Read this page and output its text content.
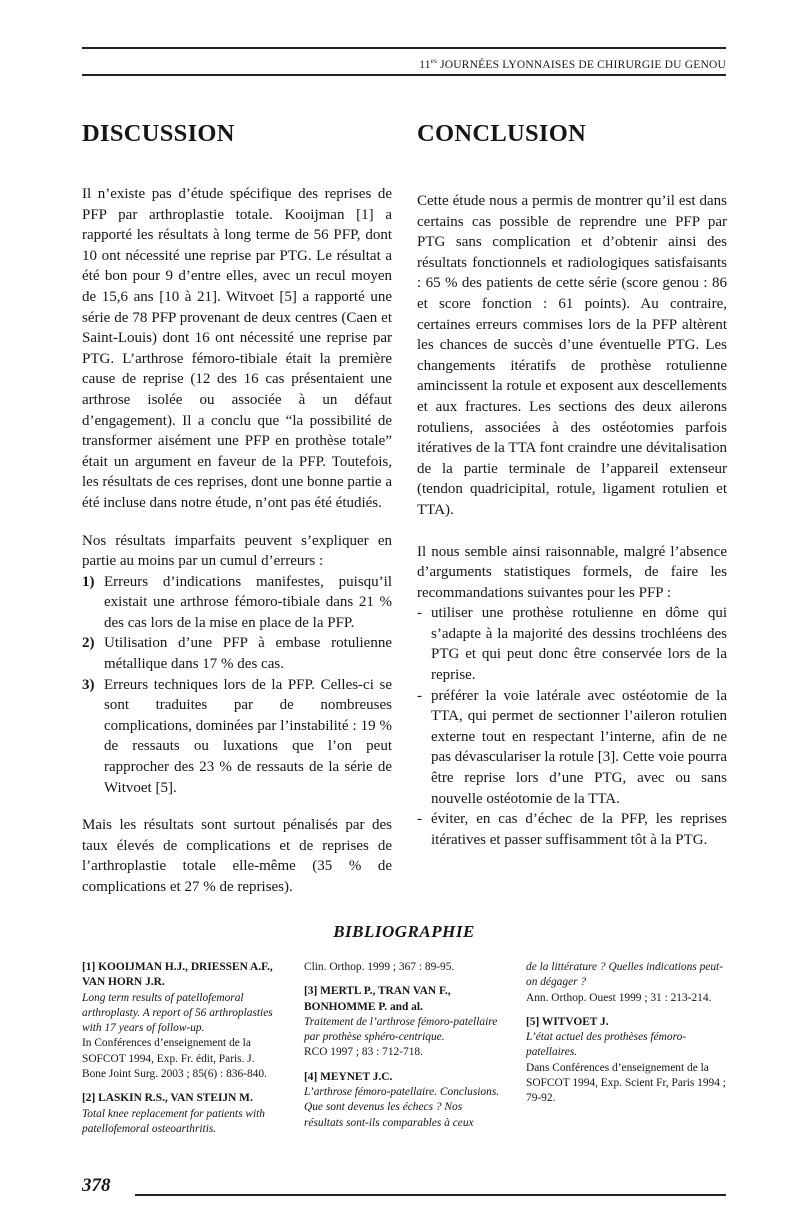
$11^{es}$ JOURNÉES LYONNAISES DE CHIRURGIE DU GENOU
DISCUSSION	CONCLUSION

Il n’existe pas d’étude spécifique des reprises de PFP par arthroplastie totale. Kooijman [1] a rapporté les résultats à long terme de 56 PFP, dont 10 ont nécessité une reprise par PTG. Le résultat a été bon pour 9 d’entre elles, avec un recul moyen de 15,6 ans [10 à 21]. Witvoet [5] a rapporté une série de 78 PFP provenant de deux centres (Caen et Saint-Louis) dont 16 ont nécessité une reprise par PTG. L’arthrose fémoro-tibiale était la première cause de reprise (12 des 16 cas présentaient une arthrose isolée ou associée à un défaut d’engagement). Il a conclu que “la possibilité de transformer aisément une PFP en prothèse totale” était un argument en faveur de la PFP. Toutefois, les résultats de ces reprises, dont une bonne partie a été incluse dans notre étude, n’ont pas été étudiés.

Nos résultats imparfaits peuvent s’expliquer en partie au moins par un cumul d’erreurs :

1) Erreurs d’indications manifestes, puisqu’il existait une arthrose fémoro-tibiale dans 21 % des cas lors de la mise en place de la PFP.
2) Utilisation d’une PFP à embase rotulienne métallique dans 17 % des cas.
3) Erreurs techniques lors de la PFP. Celles-ci se sont traduites par de nombreuses complications, dominées par l’instabilité : 19 % de ressauts ou luxations que l’on peut rapprocher des 23 % de ressauts de la série de Witvoet [5].

Mais les résultats sont surtout pénalisés par des taux élevés de complications et de reprises de l’arthroplastie totale elle-même (35 % de complications et 27 % de reprises).

Cette étude nous a permis de montrer qu’il est dans certains cas possible de reprendre une PFP par PTG sans complication et d’obtenir ainsi des résultats fonctionnels et radiologiques satisfaisants : 65 % des patients de cette série (score genou : 86 et score fonction : 61 points). Au contraire, certaines erreurs commises lors de la PFP altèrent les chances de succès d’une éventuelle PTG. Les changements itératifs de prothèse rotulienne amincissent la rotule et exposent aux descellements et aux fractures. Les sections des deux ailerons rotuliens, associées à des ostéotomies parfois itératives de la TTA font craindre une dévitalisation de la partie terminale de l’appareil extenseur (tendon quadricipital, rotule, ligament rotulien et TTA).

Il nous semble ainsi raisonnable, malgré l’absence d’arguments statistiques formels, de faire les recommandations suivantes pour les PFP :

- utiliser une prothèse rotulienne en dôme qui s’adapte à la majorité des dessins trochléens des PTG et qui peut donc être conservée lors de la reprise.
- préférer la voie latérale avec ostéotomie de la TTA, qui permet de sectionner l’aileron rotulien externe tout en respectant l’interne, afin de ne pas dévasculariser la rotule [3]. Cette voie pourra être reprise lors d’une PTG, avec ou sans nouvelle ostéotomie de la TTA.
- éviter, en cas d’échec de la PFP, les reprises itératives et passer suffisamment tôt à la PTG.
BIBLIOGRAPHIE
[1] KOOIJMAN H.J., DRIESSEN A.F., VAN HORN J.R.
Long term results of patellofemoral arthroplasty. A report of 56 arthroplasties with 17 years of follow-up.
In Conférences d’enseignement de la SOFCOT 1994, Exp. Fr. édit, Paris. J. Bone Joint Surg. 2003 ; 85(6) : 836-840.
[2] LASKIN R.S., VAN STEIJN M.
Total knee replacement for patients with patellofemoral osteoarthritis.
Clin. Orthop. 1999 ; 367 : 89-95.
[3] MERTL P., TRAN VAN F., BONHOMME P. and al.
Traitement de l’arthrose fémoro-patellaire par prothèse sphéro-centrique.
RCO 1997 ; 83 : 712-718.
[4] MEYNET J.C.
L’arthrose fémoro-patellaire. Conclusions. Que sont devenus les échecs ? Nos résultats sont-ils comparables à ceux
de la littérature ? Quelles indications peut-on dégager ?
Ann. Orthop. Ouest 1999 ; 31 : 213-214.
[5] WITVOET J.
L’état actuel des prothèses fémoro-patellaires.
Dans Conférences d’enseignement de la SOFCOT 1994, Exp. Scient Fr, Paris 1994 ; 79-92.
378
